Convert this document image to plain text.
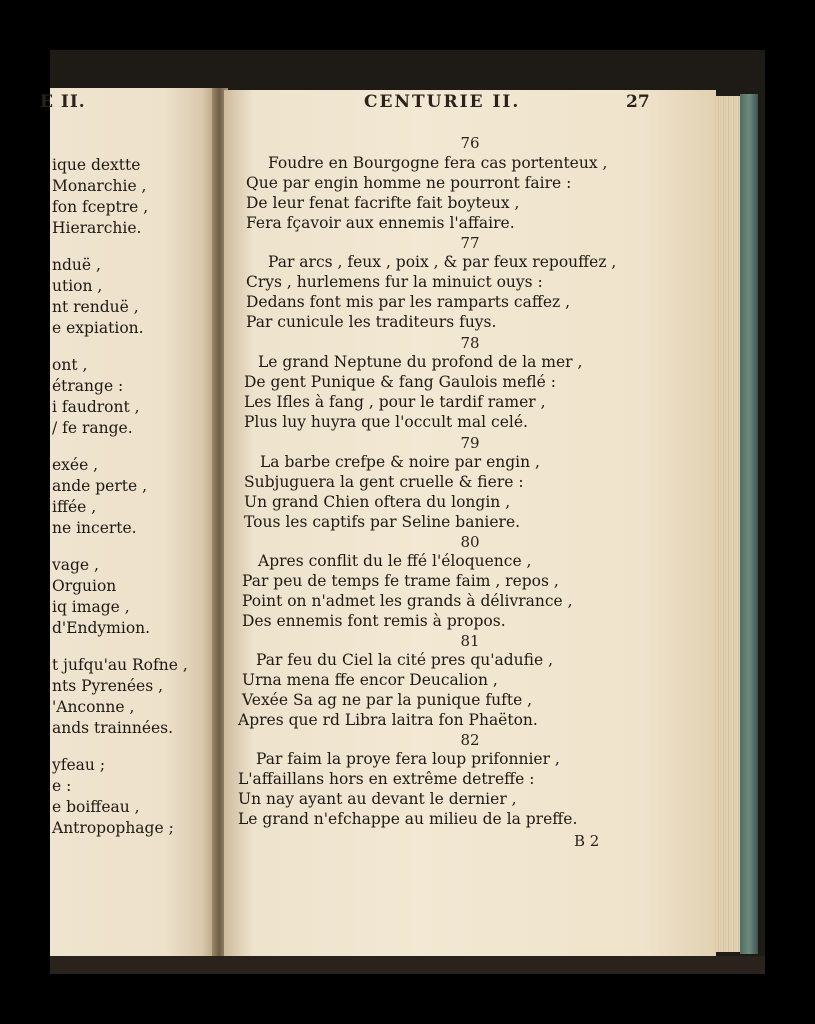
E II.
ique dextte
Monarchie ,
fon fceptre ,
Hierarchie.
nduë ,
ution ,
nt renduë ,
e expiation.
ont ,
étrange :
i faudront ,
/ fe range.
exée ,
ande perte ,
iffée ,
ne incerte.
vage ,
Orguion
iq image ,
d'Endymion.
t jufqu'au Rofne ,
nts Pyrenées ,
'Anconne ,
ands trainnées.
yfeau ;
e :
e boiffeau ,
Antropophage ;
CENTURIE II.	27
76
Foudre en Bourgogne fera cas portenteux ,
Que par engin homme ne pourront faire :
De leur fenat facrifte fait boyteux ,
Fera fçavoir aux ennemis l'affaire.
77
Par arcs , feux , poix , & par feux repouffez ,
Crys , hurlemens fur la minuict ouys :
Dedans font mis par les ramparts caffez ,
Par cunicule les traditeurs fuys.
78
Le grand Neptune du profond de la mer ,
De gent Punique & fang Gaulois meflé :
Les Ifles à fang , pour le tardif ramer ,
Plus luy huyra que l'occult mal celé.
79
La barbe crefpe & noire par engin ,
Subjuguera la gent cruelle & fiere :
Un grand Chien oftera du longin ,
Tous les captifs par Seline baniere.
80
Apres conflit du le ffé l'éloquence ,
Par peu de temps fe trame faim , repos ,
Point on n'admet les grands à délivrance ,
Des ennemis font remis à propos.
81
Par feu du Ciel la cité pres qu'adufie ,
Urna mena ffe encor Deucalion ,
Vexée Sa ag ne par la punique fufte ,
Apres que rd Libra laitra fon Phaëton.
82
Par faim la proye fera loup prifonnier ,
L'affaillans hors en extrême detreffe :
Un nay ayant au devant le dernier ,
Le grand n'efchappe au milieu de la preffe.
B 2
